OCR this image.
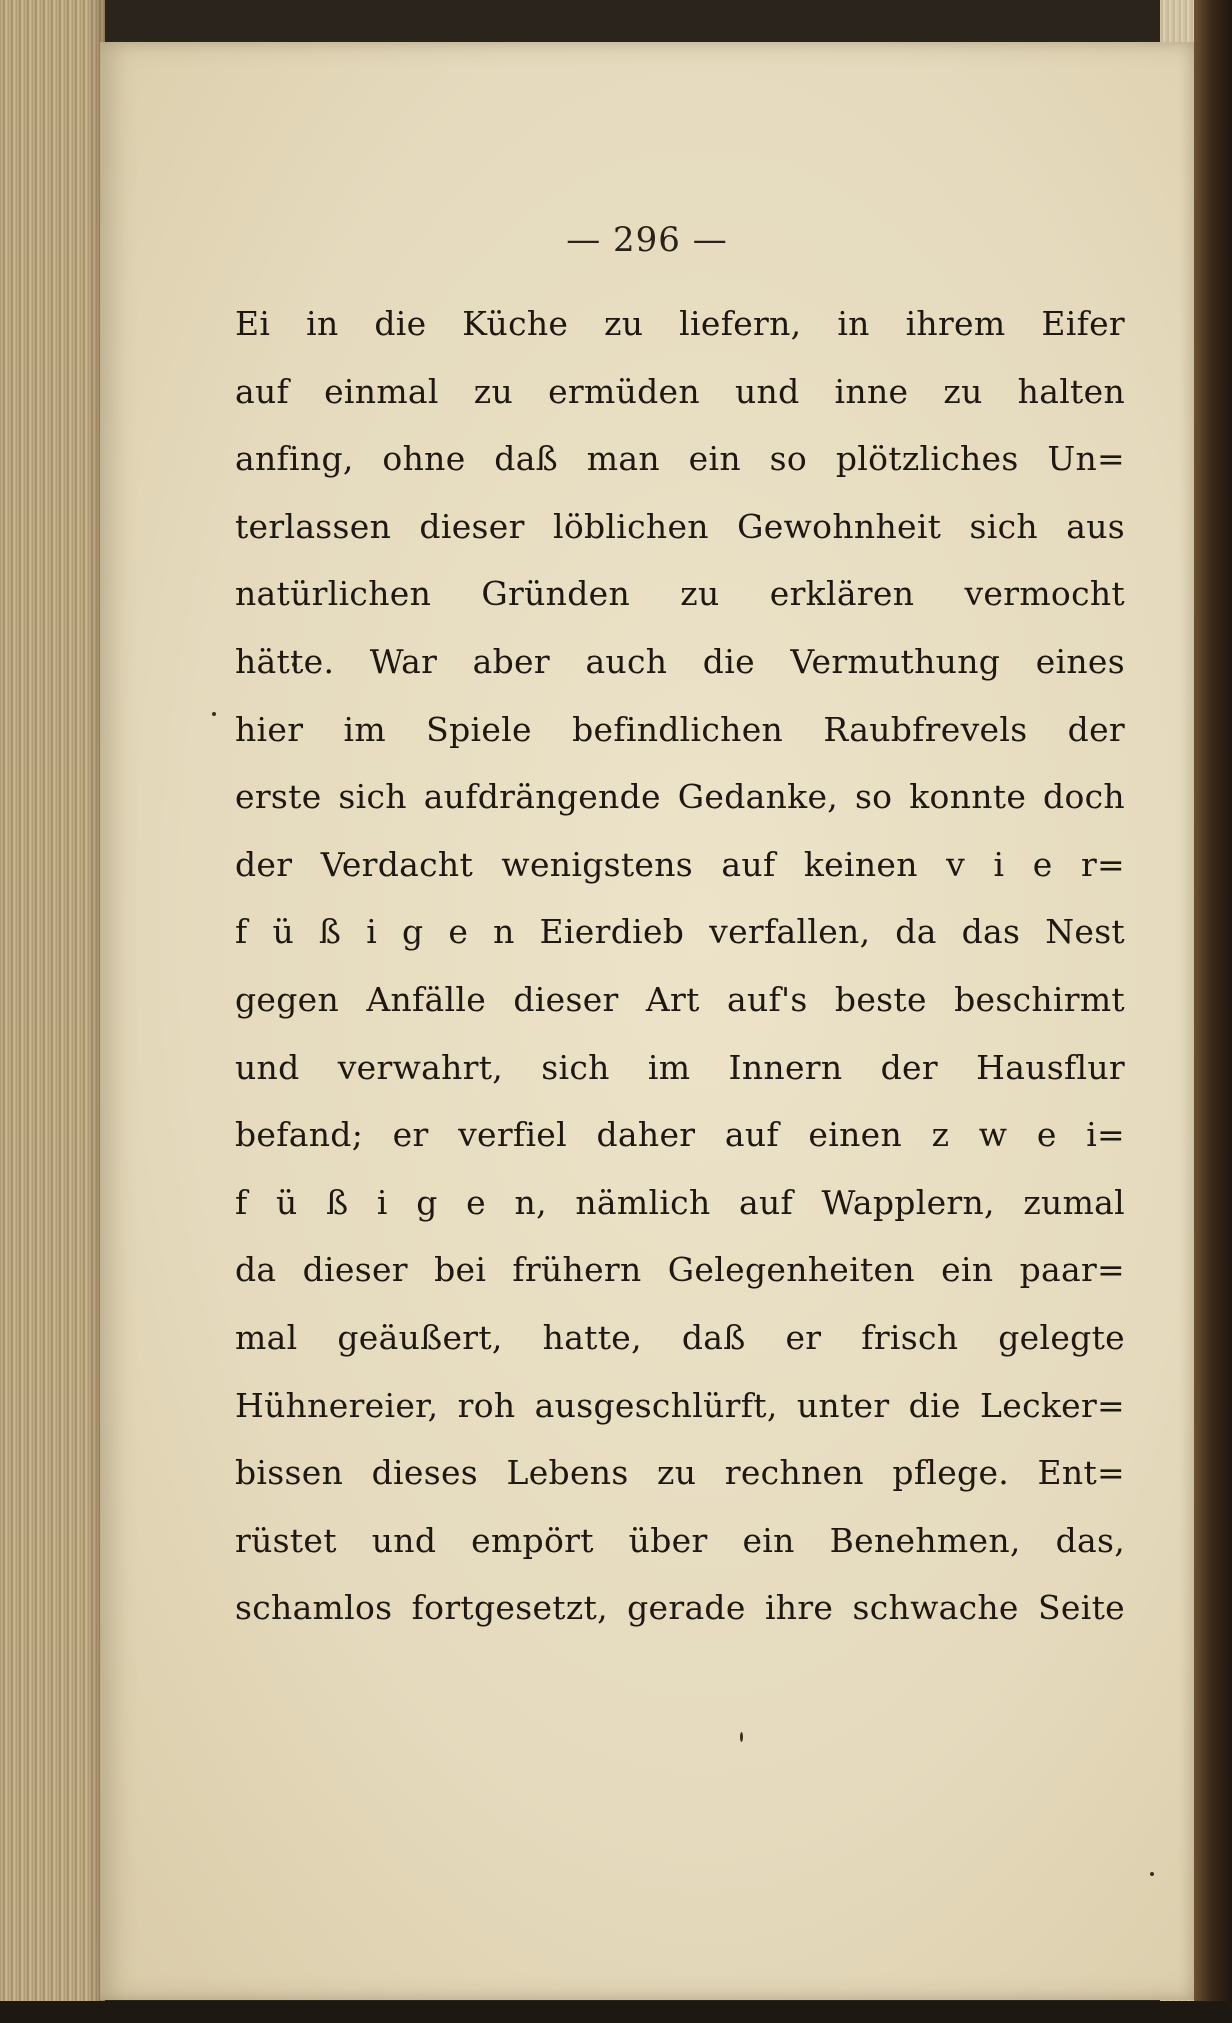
— 296 —
Ei in die Küche zu liefern, in ihrem Eifer
auf einmal zu ermüden und inne zu halten
anfing, ohne daß man ein so plötzliches Un=
terlassen dieser löblichen Gewohnheit sich aus
natürlichen Gründen zu erklären vermocht
hätte. War aber auch die Vermuthung eines
hier im Spiele befindlichen Raubfrevels der
erste sich aufdrängende Gedanke, so konnte doch
der Verdacht wenigstens auf keinen v i e r=
f ü ß i g e n Eierdieb verfallen, da das Nest
gegen Anfälle dieser Art auf's beste beschirmt
und verwahrt, sich im Innern der Hausflur
befand; er verfiel daher auf einen z w e i=
f ü ß i g e n, nämlich auf Wapplern, zumal
da dieser bei frühern Gelegenheiten ein paar=
mal geäußert, hatte, daß er frisch gelegte
Hühnereier, roh ausgeschlürft, unter die Lecker=
bissen dieses Lebens zu rechnen pflege. Ent=
rüstet und empört über ein Benehmen, das,
schamlos fortgesetzt, gerade ihre schwache Seite
